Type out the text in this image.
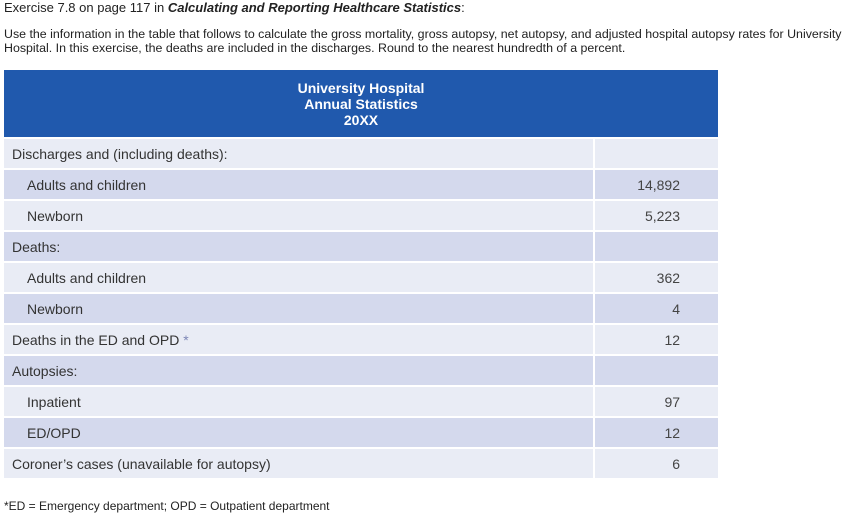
Exercise 7.8 on page 117 in Calculating and Reporting Healthcare Statistics:
Use the information in the table that follows to calculate the gross mortality, gross autopsy, net autopsy, and adjusted hospital autopsy rates for University Hospital. In this exercise, the deaths are included in the discharges. Round to the nearest hundredth of a percent.
University Hospital
Annual Statistics
20XX	

Discharges and (including deaths):	
Adults and children	14,892
Newborn	5,223
Deaths:	
Adults and children	362
Newborn	4
Deaths in the ED and OPD *	12
Autopsies:	
Inpatient	97
ED/OPD	12
Coroner’s cases (unavailable for autopsy)	6
*ED = Emergency department; OPD = Outpatient department
